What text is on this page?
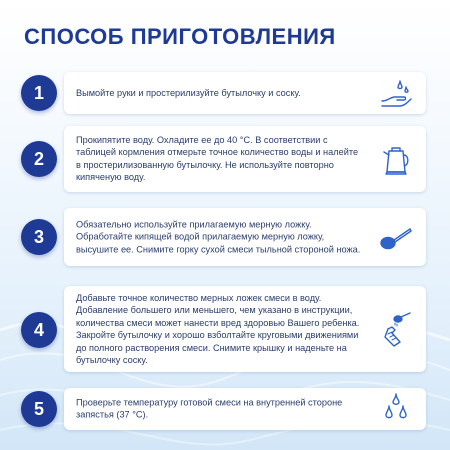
СПОСОБ ПРИГОТОВЛЕНИЯ
Вымойте руки и простерилизуйте бутылочку и соску.
1
Прокипятите воду. Охладите ее до 40 °С. В соответствии с таблицей кормления отмерьте точное количество воды и налейте в простерилизованную бутылочку. Не используйте повторно кипяченую воду.
2
Обязательно используйте прилагаемую мерную ложку. Обработайте кипящей водой прилагаемую мерную ложку, высушите ее. Снимите горку сухой смеси тыльной стороной ножа.
3
Добавьте точное количество мерных ложек смеси в воду. Добавление большего или меньшего, чем указано в инструкции, количества смеси может нанести вред здоровью Вашего ребенка. Закройте бутылочку и хорошо взболтайте круговыми движениями до полного растворения смеси. Снимите крышку и наденьте на бутылочку соску.
4
Проверьте температуру готовой смеси на внутренней стороне запястья (37 °С).
5
